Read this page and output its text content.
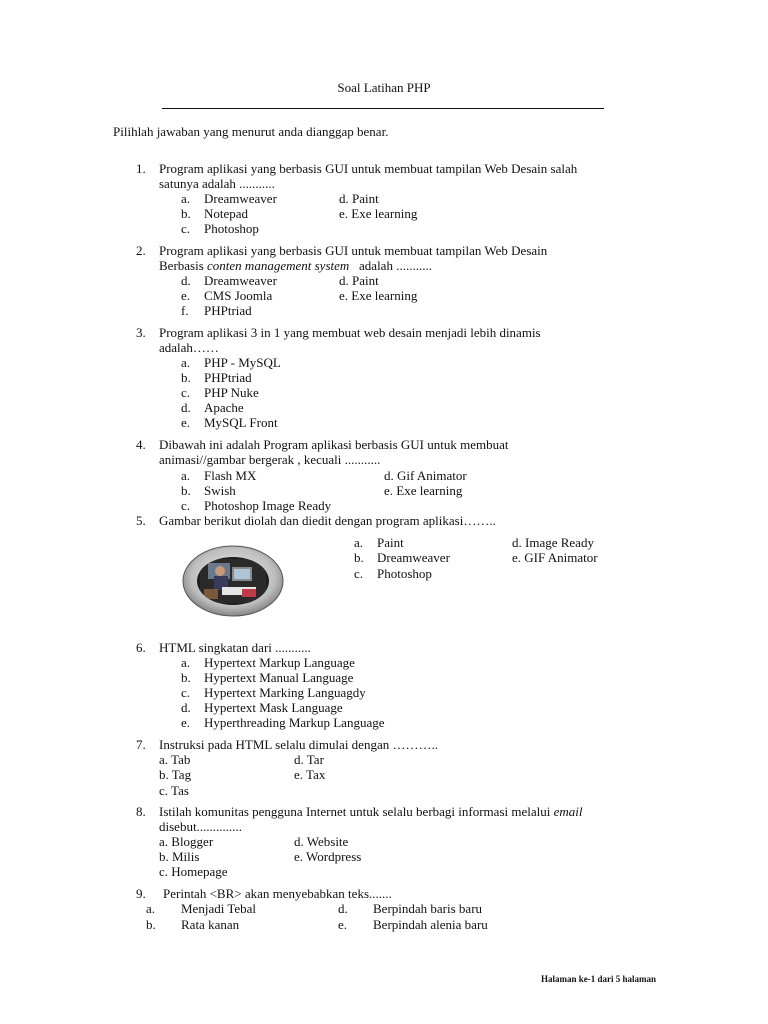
Soal Latihan PHP
Pilihlah jawaban yang menurut anda dianggap benar.
1. Program aplikasi yang berbasis GUI untuk membuat tampilan Web Desain salah
satunya adalah ...........
a. Dreamweaver	d. Paint
b. Notepad	e. Exe learning
c. Photoshop
2. Program aplikasi yang berbasis GUI untuk membuat tampilan Web Desain
Berbasis conten management system adalah ...........
d. Dreamweaver	d. Paint
e. CMS Joomla	e. Exe learning
f. PHPtriad
3. Program aplikasi 3 in 1 yang membuat web desain menjadi lebih dinamis
adalah……
a. PHP - MySQL
b. PHPtriad
c. PHP Nuke
d. Apache
e. MySQL Front
4. Dibawah ini adalah Program aplikasi berbasis GUI untuk membuat
animasi//gambar bergerak , kecuali ...........
a. Flash MX	d. Gif Animator
b. Swish	e. Exe learning
c. Photoshop Image Ready
5. Gambar berikut diolah dan diedit dengan program aplikasi……..
a. Paint	d. Image Ready
b. Dreamweaver	e. GIF Animator
c. Photoshop
6. HTML singkatan dari ...........
a. Hypertext Markup Language
b. Hypertext Manual Language
c. Hypertext Marking Languagdy
d. Hypertext Mask Language
e. Hyperthreading Markup Language
7. Instruksi pada HTML selalu dimulai dengan ………..
a. Tab	d. Tar
b. Tag	e. Tax
c. Tas
8. Istilah komunitas pengguna Internet untuk selalu berbagi informasi melalui email
disebut..............
a. Blogger	d. Website
b. Milis	e. Wordpress
c. Homepage
9. Perintah <BR> akan menyebabkan teks.......
a. Menjadi Tebal	d. Berpindah baris baru
b. Rata kanan	e. Berpindah alenia baru
Halaman ke-1 dari 5 halaman
